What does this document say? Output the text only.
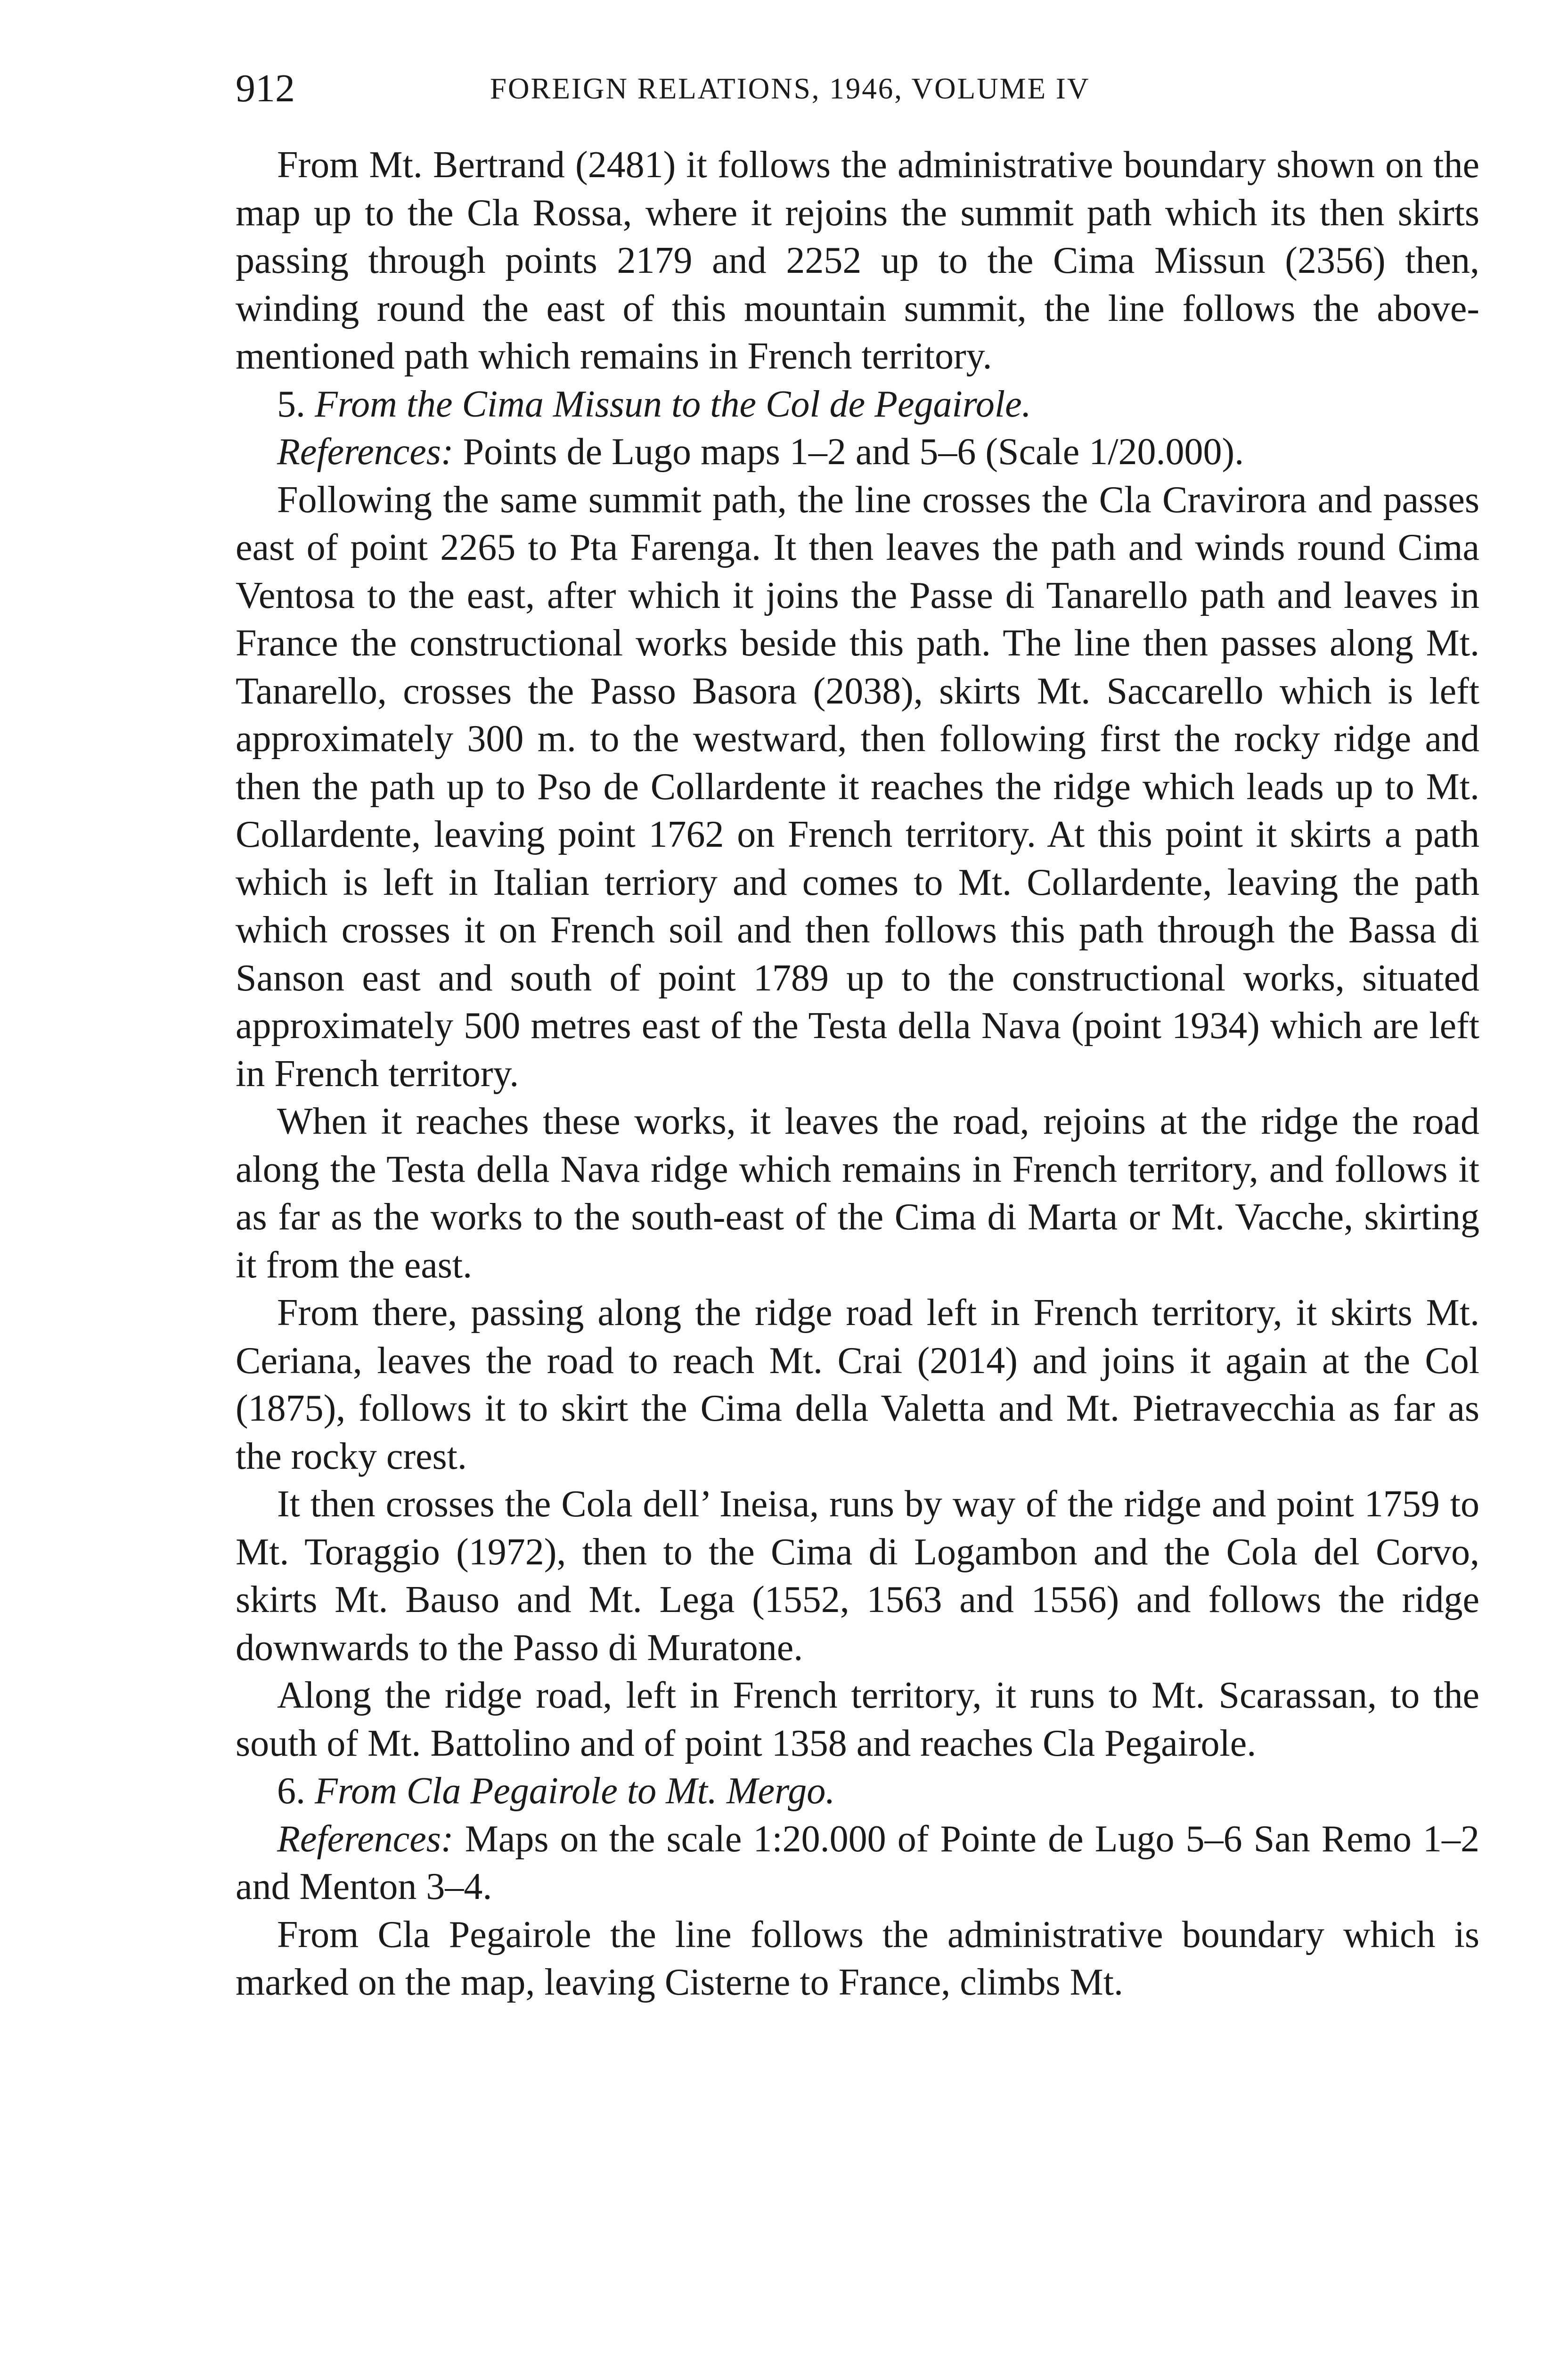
912	FOREIGN RELATIONS, 1946, VOLUME IV

From Mt. Bertrand (2481) it follows the administrative boundary shown on the map up to the Cla Rossa, where it rejoins the summit path which its then skirts passing through points 2179 and 2252 up to the Cima Missun (2356) then, winding round the east of this mountain summit, the line follows the above-mentioned path which remains in French territory.

5. From the Cima Missun to the Col de Pegairole.

References: Points de Lugo maps 1–2 and 5–6 (Scale 1/20.000).

Following the same summit path, the line crosses the Cla Cravirora and passes east of point 2265 to Pta Farenga. It then leaves the path and winds round Cima Ventosa to the east, after which it joins the Passe di Tanarello path and leaves in France the constructional works beside this path. The line then passes along Mt. Tanarello, crosses the Passo Basora (2038), skirts Mt. Saccarello which is left approximately 300 m. to the westward, then following first the rocky ridge and then the path up to Pso de Collardente it reaches the ridge which leads up to Mt. Collardente, leaving point 1762 on French territory. At this point it skirts a path which is left in Italian terriory and comes to Mt. Collardente, leaving the path which crosses it on French soil and then follows this path through the Bassa di Sanson east and south of point 1789 up to the constructional works, situated approximately 500 metres east of the Testa della Nava (point 1934) which are left in French territory.

When it reaches these works, it leaves the road, rejoins at the ridge the road along the Testa della Nava ridge which remains in French territory, and follows it as far as the works to the south-east of the Cima di Marta or Mt. Vacche, skirting it from the east.

From there, passing along the ridge road left in French territory, it skirts Mt. Ceriana, leaves the road to reach Mt. Crai (2014) and joins it again at the Col (1875), follows it to skirt the Cima della Valetta and Mt. Pietravecchia as far as the rocky crest.

It then crosses the Cola dell’ Ineisa, runs by way of the ridge and point 1759 to Mt. Toraggio (1972), then to the Cima di Logambon and the Cola del Corvo, skirts Mt. Bauso and Mt. Lega (1552, 1563 and 1556) and follows the ridge downwards to the Passo di Muratone.

Along the ridge road, left in French territory, it runs to Mt. Scarassan, to the south of Mt. Battolino and of point 1358 and reaches Cla Pegairole.

6. From Cla Pegairole to Mt. Mergo.

References: Maps on the scale 1:20.000 of Pointe de Lugo 5–6 San Remo 1–2 and Menton 3–4.

From Cla Pegairole the line follows the administrative boundary which is marked on the map, leaving Cisterne to France, climbs Mt.
